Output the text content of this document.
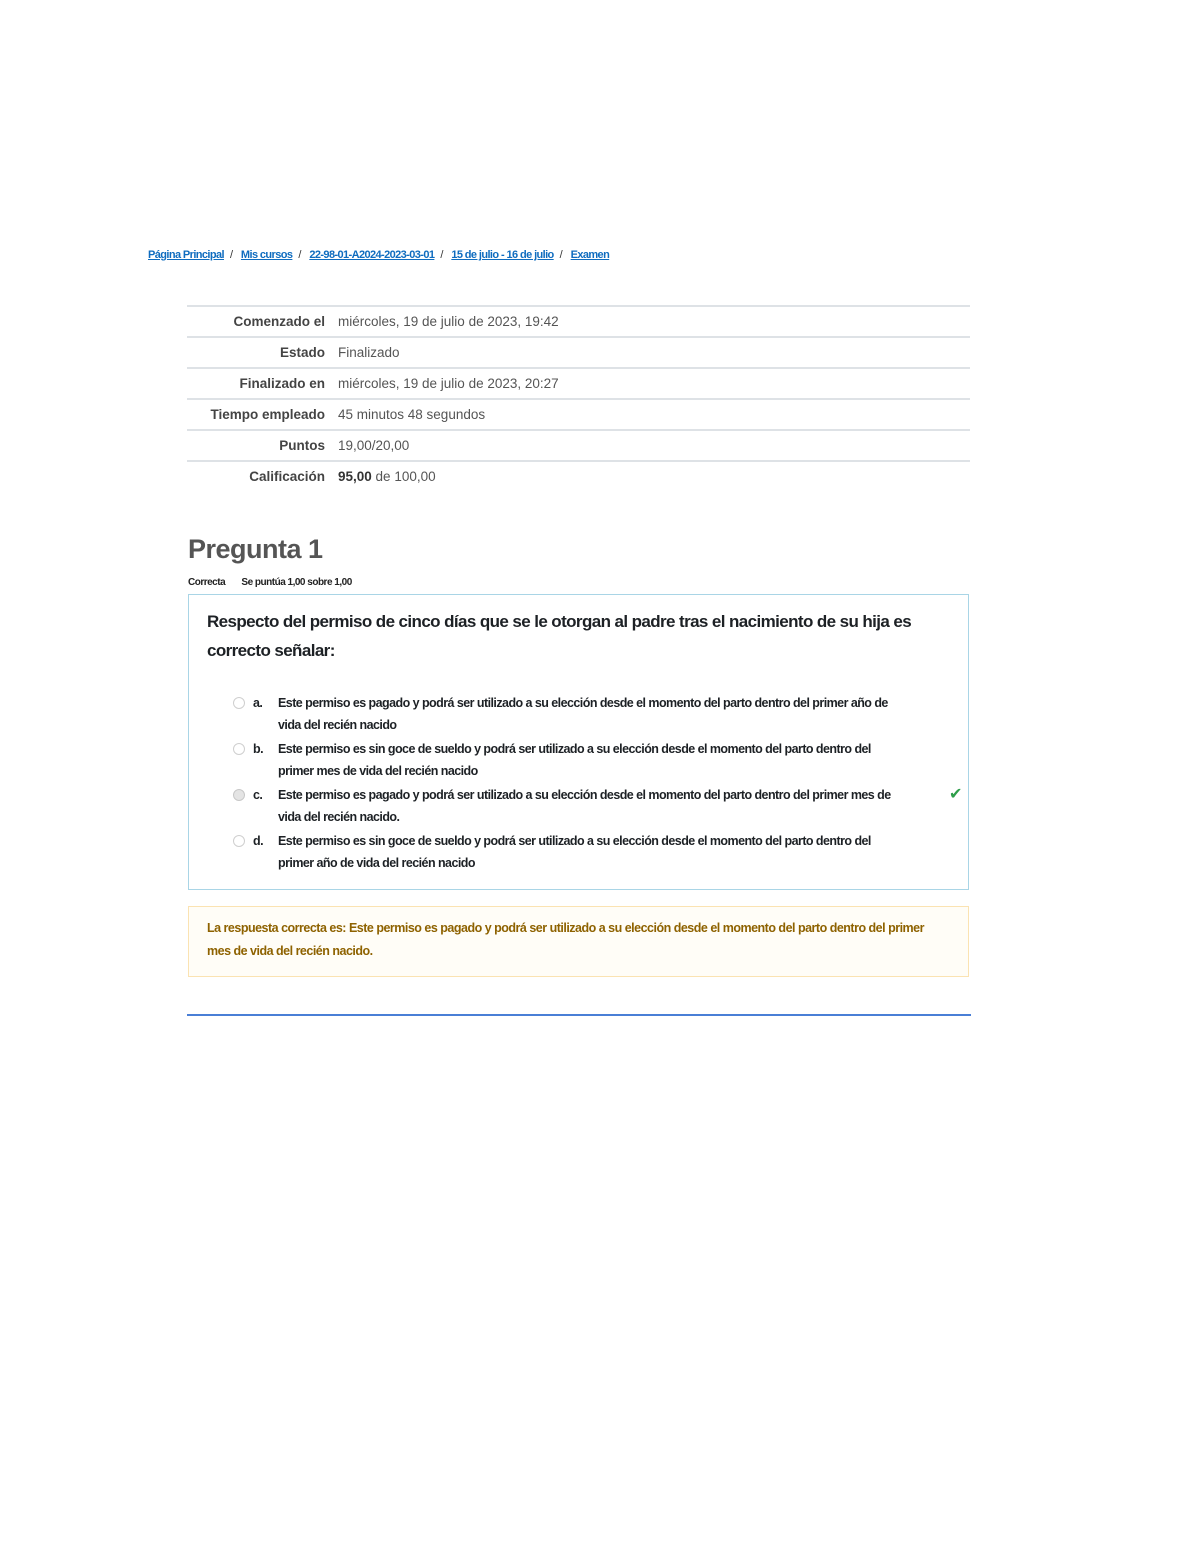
Página Principal / Mis cursos / 22-98-01-A2024-2023-03-01 / 15 de julio - 16 de julio / Examen
Comenzado el	miércoles, 19 de julio de 2023, 19:42
Estado	Finalizado
Finalizado en	miércoles, 19 de julio de 2023, 20:27
Tiempo empleado	45 minutos 48 segundos
Puntos	19,00/20,00
Calificación	95,00 de 100,00
Pregunta 1
Correcta Se puntúa 1,00 sobre 1,00
Respecto del permiso de cinco días que se le otorgan al padre tras el nacimiento de su hija es correcto señalar:
a. Este permiso es pagado y podrá ser utilizado a su elección desde el momento del parto dentro del primer año de vida del recién nacido
b. Este permiso es sin goce de sueldo y podrá ser utilizado a su elección desde el momento del parto dentro del primer mes de vida del recién nacido
c. Este permiso es pagado y podrá ser utilizado a su elección desde el momento del parto dentro del primer mes de vida del recién nacido.
✔
d. Este permiso es sin goce de sueldo y podrá ser utilizado a su elección desde el momento del parto dentro del primer año de vida del recién nacido
La respuesta correcta es: Este permiso es pagado y podrá ser utilizado a su elección desde el momento del parto dentro del primer mes de vida del recién nacido.
